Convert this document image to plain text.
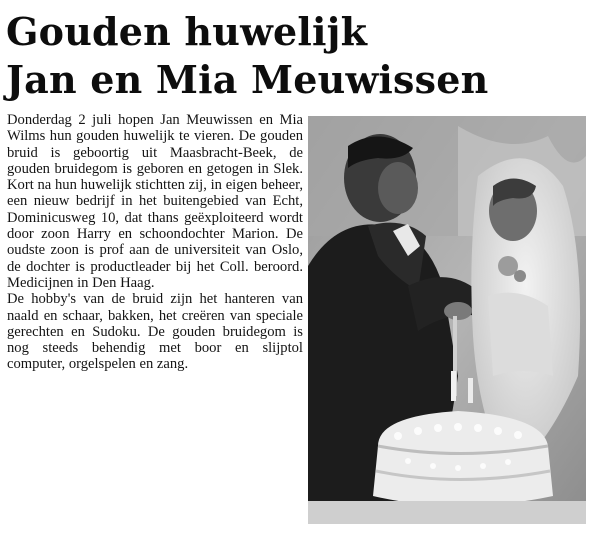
Gouden huwelijk
Jan en Mia Meuwissen

Donderdag 2 juli hopen Jan Meuwissen en Mia Wilms hun gouden huwelijk te vieren. De gouden bruid is geboortig uit Maasbracht-Beek, de gouden bruidegom is geboren en getogen in Slek. Kort na hun huwelijk stichtten zij, in eigen beheer, een nieuw bedrijf in het buitengebied van Echt, Dominicusweg 10, dat thans geëxploiteerd wordt door zoon Harry en schoondochter Marion. De oudste zoon is prof aan de universiteit van Oslo, de dochter is productleader bij het Coll. beroord. Medicijnen in Den Haag.

De hobby's van de bruid zijn het hanteren van naald en schaar, bakken, het creëren van speciale gerechten en Sudoku. De gouden bruidegom is nog steeds behendig met boor en slijptol computer, orgelspelen en zang.
